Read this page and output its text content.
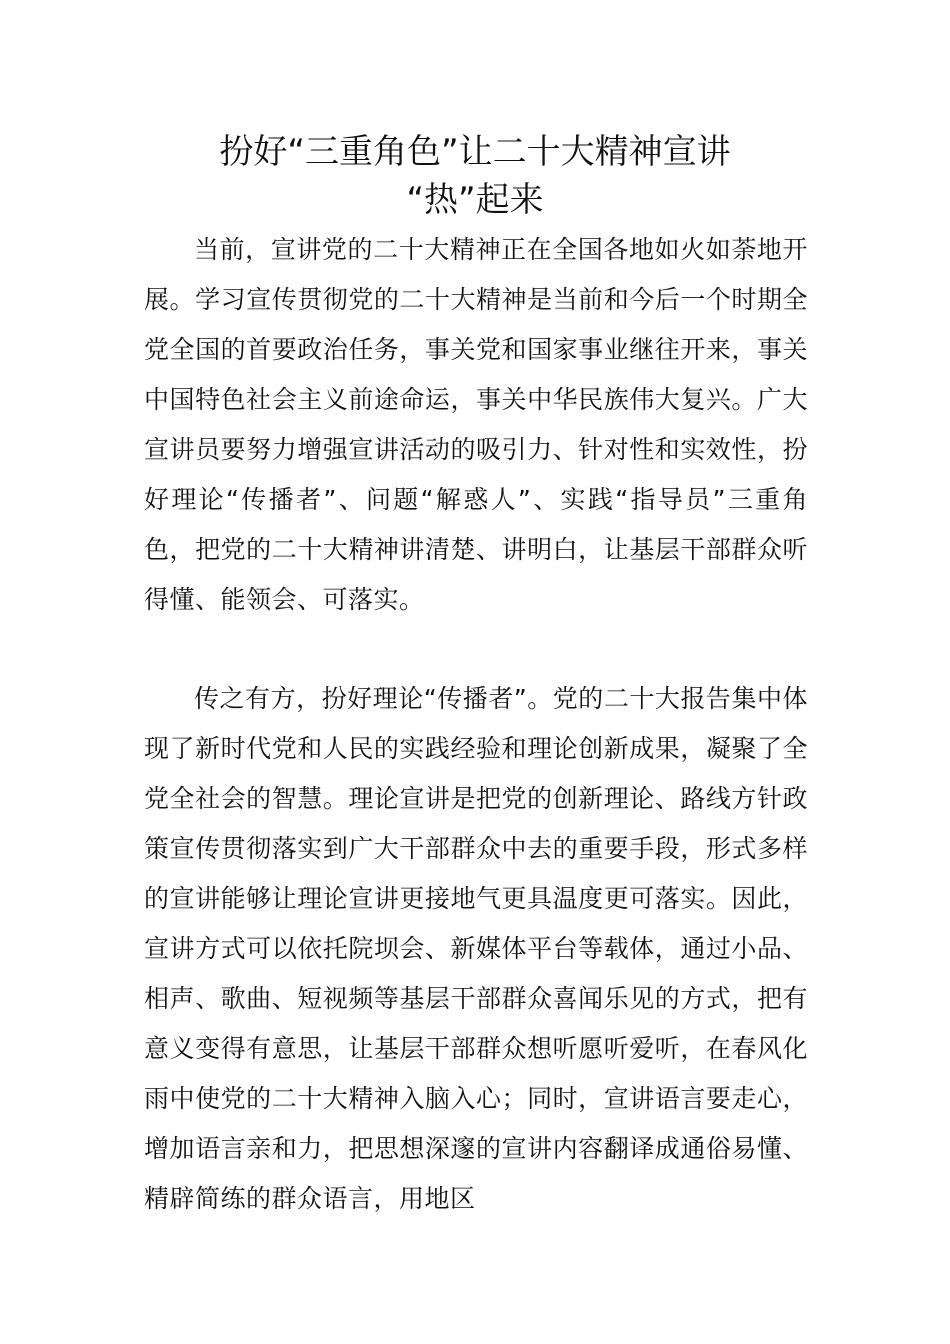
扮好“三重角色”让二十大精神宣讲
“热”起来

当前，宣讲党的二十大精神正在全国各地如火如荼地开展。学习宣传贯彻党的二十大精神是当前和今后一个时期全党全国的首要政治任务，事关党和国家事业继往开来，事关中国特色社会主义前途命运，事关中华民族伟大复兴。广大宣讲员要努力增强宣讲活动的吸引力、针对性和实效性，扮好理论“传播者”、问题“解惑人”、实践“指导员”三重角色，把党的二十大精神讲清楚、讲明白，让基层干部群众听得懂、能领会、可落实。

传之有方，扮好理论“传播者”。党的二十大报告集中体现了新时代党和人民的实践经验和理论创新成果，凝聚了全党全社会的智慧。理论宣讲是把党的创新理论、路线方针政策宣传贯彻落实到广大干部群众中去的重要手段，形式多样的宣讲能够让理论宣讲更接地气更具温度更可落实。因此，宣讲方式可以依托院坝会、新媒体平台等载体，通过小品、相声、歌曲、短视频等基层干部群众喜闻乐见的方式，把有意义变得有意思，让基层干部群众想听愿听爱听，在春风化雨中使党的二十大精神入脑入心；同时，宣讲语言要走心，增加语言亲和力，把思想深邃的宣讲内容翻译成通俗易懂、精辟简练的群众语言，用地区
